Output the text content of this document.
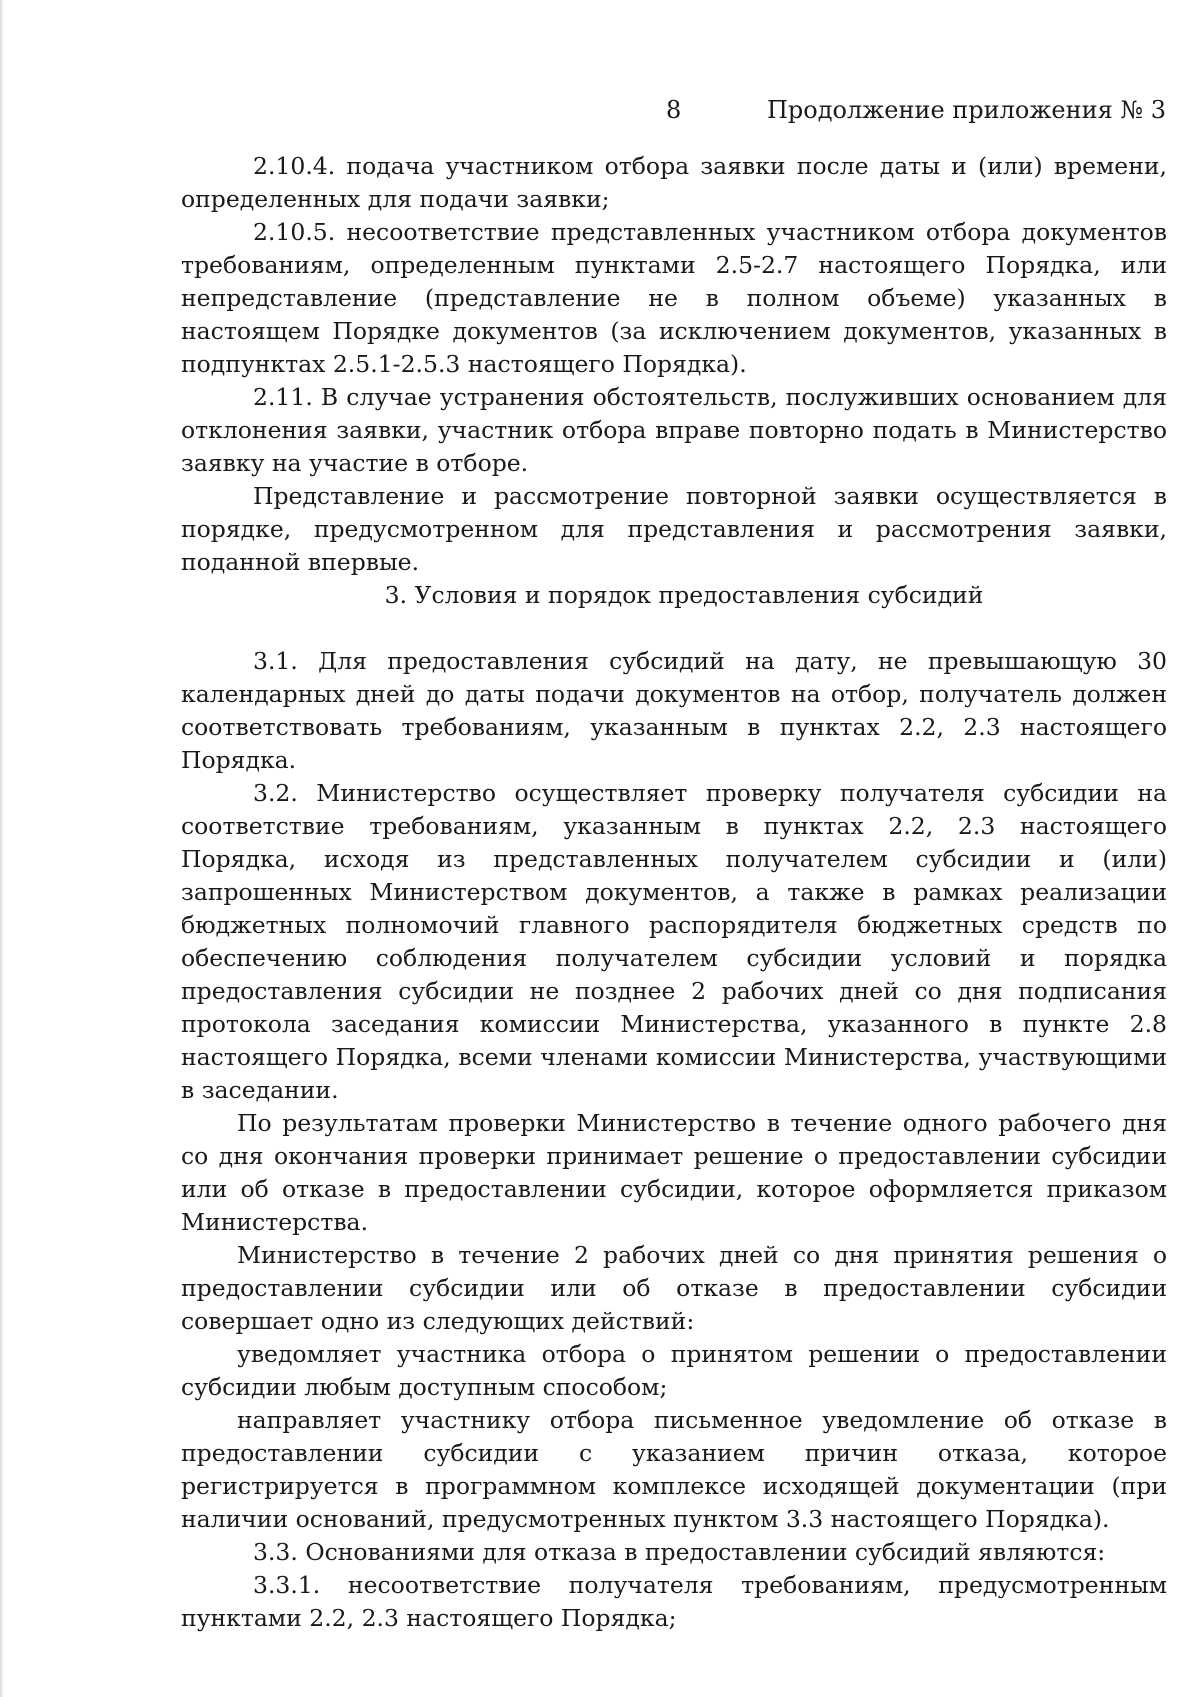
8	Продолжение приложения № 3

2.10.4. подача участником отбора заявки после даты и (или) времени, определенных для подачи заявки;

2.10.5. несоответствие представленных участником отбора документов требованиям, определенным пунктами 2.5-2.7 настоящего Порядка, или непредставление (представление не в полном объеме) указанных в настоящем Порядке документов (за исключением документов, указанных в подпунктах 2.5.1-2.5.3 настоящего Порядка).

2.11. В случае устранения обстоятельств, послуживших основанием для отклонения заявки, участник отбора вправе повторно подать в Министерство заявку на участие в отборе.

Представление и рассмотрение повторной заявки осуществляется в порядке, предусмотренном для представления и рассмотрения заявки, поданной впервые.

3. Условия и порядок предоставления субсидий

3.1. Для предоставления субсидий на дату, не превышающую 30 календарных дней до даты подачи документов на отбор, получатель должен соответствовать требованиям, указанным в пунктах 2.2, 2.3 настоящего Порядка.

3.2. Министерство осуществляет проверку получателя субсидии на соответствие требованиям, указанным в пунктах 2.2, 2.3 настоящего Порядка, исходя из представленных получателем субсидии и (или) запрошенных Министерством документов, а также в рамках реализации бюджетных полномочий главного распорядителя бюджетных средств по обеспечению соблюдения получателем субсидии условий и порядка предоставления субсидии не позднее 2 рабочих дней со дня подписания протокола заседания комиссии Министерства, указанного в пункте 2.8 настоящего Порядка, всеми членами комиссии Министерства, участвующими в заседании.

По результатам проверки Министерство в течение одного рабочего дня со дня окончания проверки принимает решение о предоставлении субсидии или об отказе в предоставлении субсидии, которое оформляется приказом Министерства.

Министерство в течение 2 рабочих дней со дня принятия решения о предоставлении субсидии или об отказе в предоставлении субсидии совершает одно из следующих действий:

уведомляет участника отбора о принятом решении о предоставлении субсидии любым доступным способом;

направляет участнику отбора письменное уведомление об отказе в предоставлении субсидии с указанием причин отказа, которое регистрируется в программном комплексе исходящей документации (при наличии оснований, предусмотренных пунктом 3.3 настоящего Порядка).

3.3. Основаниями для отказа в предоставлении субсидий являются:

3.3.1. несоответствие получателя требованиям, предусмотренным пунктами 2.2, 2.3 настоящего Порядка;
